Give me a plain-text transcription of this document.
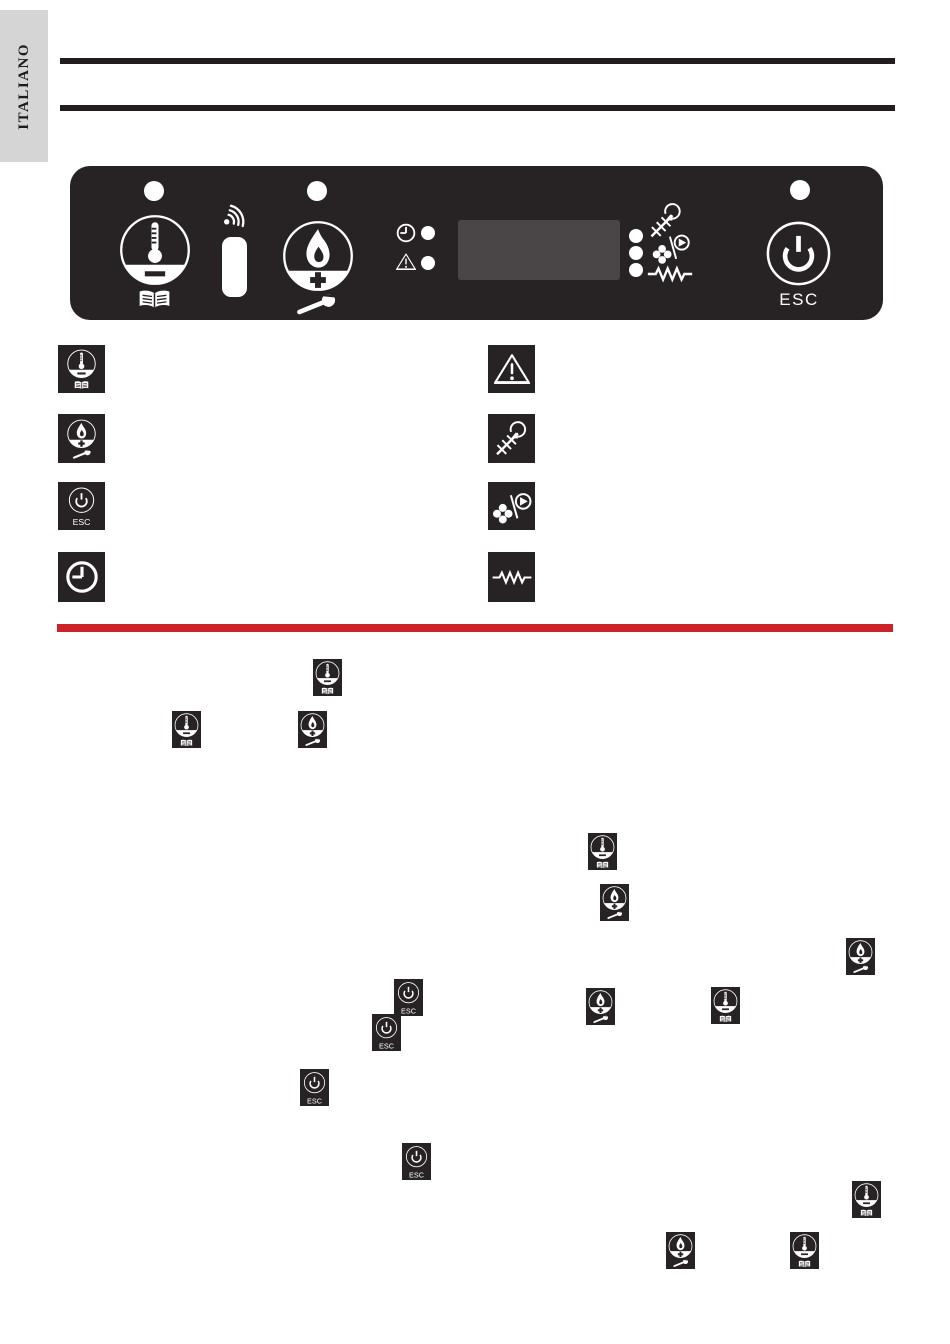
ITALIANO
ESC
